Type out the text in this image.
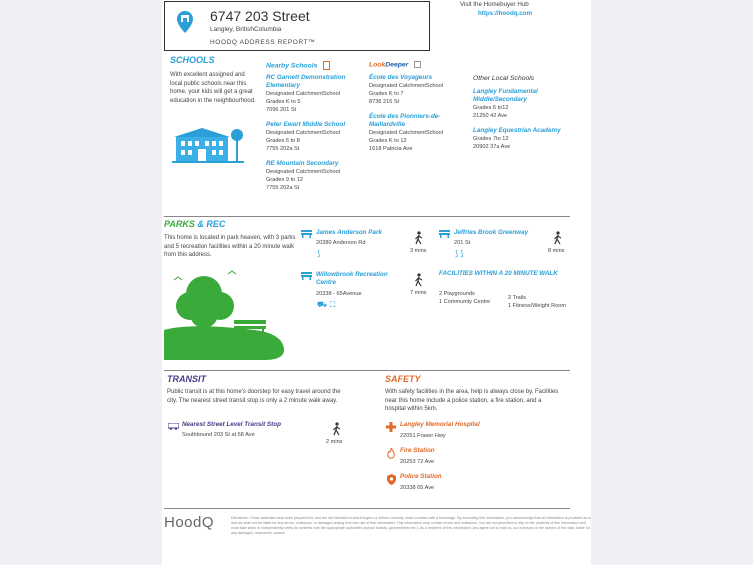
6747 203 Street
Langley, BritishColumbia
HOODQ ADDRESS REPORT™
Visit the Homebuyer Hub
https://hoodq.com
SCHOOLS
With excellent assigned and local public schools near this home, your kids will get a great education in the neighbourhood.
Nearby Schools
RC Garnett Demonstration Elementary
Designated CatchmentSchool
Grades K to 5
7096 201 St
Peter Ewart Middle School
Designated CatchmentSchool
Grades 6 to 8
7755 202a St
RE Mountain Secondary
Designated CatchmentSchool
Grades 9 to 12
7755 202a St
LookDeeper
École des Voyageurs
Designated CatchmentSchool
Grades K to 7
8736 216 St
École des Pionniers-de-Maillardville
Designated CatchmentSchool
Grades K to 12
1618 Patricia Ave
Other Local Schools
Langley Fundamental Middle/Secondary
Grades 6 to12
21250 42 Ave
Langley Equestrian Academy
Grades 7to 12
20902 37a Ave
PARKS & REC
This home is located in park heaven, with 3 parks and 5 recreation facilities within a 20 minute walk from this address.
James Anderson Park
20380 Anderson Rd
⟆	3 mins
Jeffries Brook Greenway
201 St
⟆ ⟆	8 mins
Willowbrook Recreation Centre
20338 - 65Avenue
⛟ ⛶
7 mins
FACILITIES WITHIN A 20 MINUTE WALK
2 Playgrounds
1 Community Centre
2 Trails
1 Fitness/Weight Room
TRANSIT
Public transit is at this home's doorstep for easy travel around the city. The nearest street transit stop is only a 2 minute walk away.
Nearest Street Level Transit Stop
Southbound 203 St at 68 Ave
2 mins
SAFETY
With safety facilities in the area, help is always close by. Facilities near this home include a police station, a fire station, and a hospital within 5km.
Langley Memorial Hospital
22051 Fraser Hwy
Fire Station
20253 72 Ave
Police Station
20338 65 Ave
HoodQ	Disclaimer: These materials have been prepared for and are not intended to solicit buyers or sellers currently under contract with a brokerage. By accessing this information, you acknowledge that all information is provided as is and we shall not be liable for any errors, omissions, or damages arising from the use of this information. This information may contain errors and omissions. You are not permitted to rely on the contents of this information and must take steps to independently verify its contents with the appropriate authorities (school boards, governments etc.). As a recipient of this information, you agree not to hold us, our licensors or the owners of the data, liable for any damages, howsoever caused.
